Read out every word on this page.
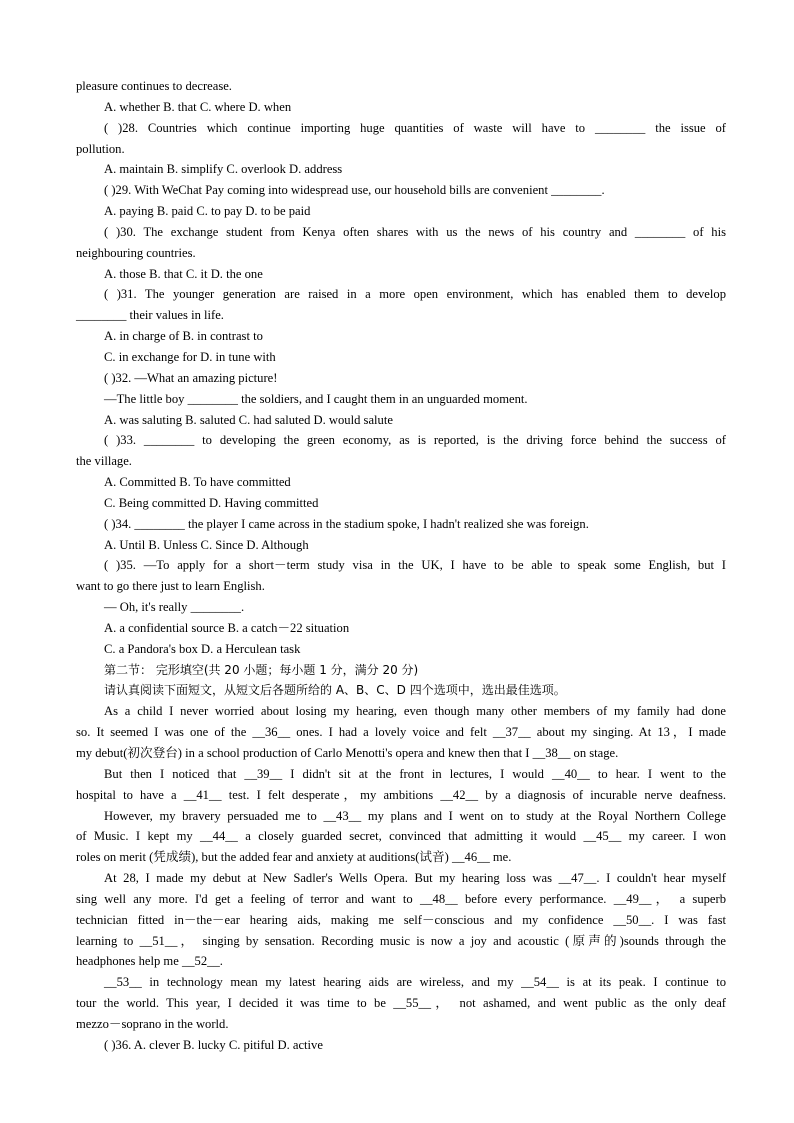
pleasure continues to decrease.
A. whether B. that C. where D. when
( )28. Countries which continue importing huge quantities of waste will have to ________ the issue of
pollution.
A. maintain B. simplify C. overlook D. address
( )29. With WeChat Pay coming into widespread use, our household bills are convenient ________.
A. paying B. paid C. to pay D. to be paid
( )30. The exchange student from Kenya often shares with us the news of his country and ________ of his
neighbouring countries.
A. those B. that C. it D. the one
( )31. The younger generation are raised in a more open environment, which has enabled them to develop
________ their values in life.
A. in charge of B. in contrast to
C. in exchange for D. in tune with
( )32. —What an amazing picture!
—The little boy ________ the soldiers, and I caught them in an unguarded moment.
A. was saluting B. saluted C. had saluted D. would salute
( )33. ________ to developing the green economy, as is reported, is the driving force behind the success of
the village.
A. Committed B. To have committed
C. Being committed D. Having committed
( )34. ________ the player I came across in the stadium spoke, I hadn't realized she was foreign.
A. Until B. Unless C. Since D. Although
( )35. —To apply for a short－term study visa in the UK, I have to be able to speak some English, but I
want to go there just to learn English.
— Oh, it's really ________.
A. a confidential source B. a catch－22 situation
C. a Pandora's box D. a Herculean task
第二节： 完形填空(共 20 小题；每小题 1 分，满分 20 分)
请认真阅读下面短文，从短文后各题所给的 A、B、C、D 四个选项中，选出最佳选项。
As a child I never worried about losing my hearing, even though many other members of my family had done
so. It seemed I was one of the __36__ ones. I had a lovely voice and felt __37__ about my singing. At 13，I made
my debut(初次登台) in a school production of Carlo Menotti's opera and knew then that I __38__ on stage.
But then I noticed that __39__ I didn't sit at the front in lectures, I would __40__ to hear. I went to the
hospital to have a __41__ test. I felt desperate，my ambitions __42__ by a diagnosis of incurable nerve deafness.
However, my bravery persuaded me to __43__ my plans and I went on to study at the Royal Northern College
of Music. I kept my __44__ a closely guarded secret, convinced that admitting it would __45__ my career. I won
roles on merit (凭成绩), but the added fear and anxiety at auditions(试音) __46__ me.
At 28, I made my debut at New Sadler's Wells Opera. But my hearing loss was __47__. I couldn't hear myself
sing well any more. I'd get a feeling of terror and want to __48__ before every performance. __49__， a superb
technician fitted in－the－ear hearing aids, making me self－conscious and my confidence __50__. I was fast
learning to __51__， singing by sensation. Recording music is now a joy and acoustic (原声的)sounds through the
headphones help me __52__.
__53__ in technology mean my latest hearing aids are wireless, and my __54__ is at its peak. I continue to
tour the world. This year, I decided it was time to be __55__， not ashamed, and went public as the only deaf
mezzo－soprano in the world.
( )36. A. clever B. lucky C. pitiful D. active
